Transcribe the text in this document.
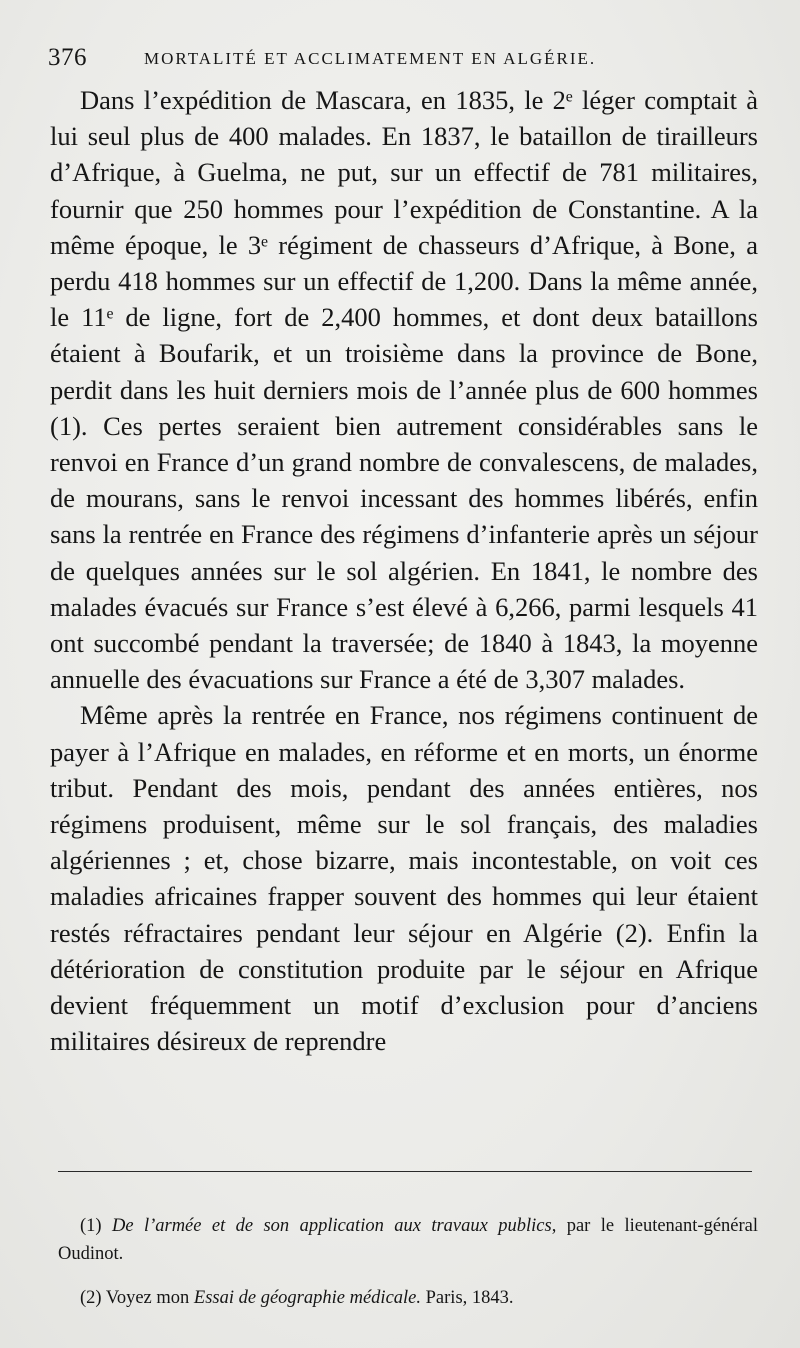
376	MORTALITÉ ET ACCLIMATEMENT EN ALGÉRIE.

Dans l’expédition de Mascara, en 1835, le 2ᵉ léger comptait à lui seul plus de 400 malades. En 1837, le bataillon de tirailleurs d’Afrique, à Guelma, ne put, sur un effectif de 781 militaires, fournir que 250 hommes pour l’expédition de Constantine. A la même époque, le 3ᵉ régiment de chasseurs d’Afrique, à Bone, a perdu 418 hommes sur un effectif de 1,200. Dans la même année, le 11ᵉ de ligne, fort de 2,400 hommes, et dont deux bataillons étaient à Boufarik, et un troisième dans la province de Bone, perdit dans les huit derniers mois de l’année plus de 600 hommes (1). Ces pertes seraient bien autrement considérables sans le renvoi en France d’un grand nombre de convalescens, de malades, de mourans, sans le renvoi incessant des hommes libérés, enfin sans la rentrée en France des régimens d’infanterie après un séjour de quelques années sur le sol algérien. En 1841, le nombre des malades évacués sur France s’est élevé à 6,266, parmi lesquels 41 ont succombé pendant la traversée; de 1840 à 1843, la moyenne annuelle des évacuations sur France a été de 3,307 malades.

Même après la rentrée en France, nos régimens continuent de payer à l’Afrique en malades, en réforme et en morts, un énorme tribut. Pendant des mois, pendant des années entières, nos régimens produisent, même sur le sol français, des maladies algériennes ; et, chose bizarre, mais incontestable, on voit ces maladies africaines frapper souvent des hommes qui leur étaient restés réfractaires pendant leur séjour en Algérie (2). Enfin la détérioration de constitution produite par le séjour en Afrique devient fréquemment un motif d’exclusion pour d’anciens militaires désireux de reprendre

(1) De l’armée et de son application aux travaux publics, par le lieutenant-général Oudinot.

(2) Voyez mon Essai de géographie médicale. Paris, 1843.
